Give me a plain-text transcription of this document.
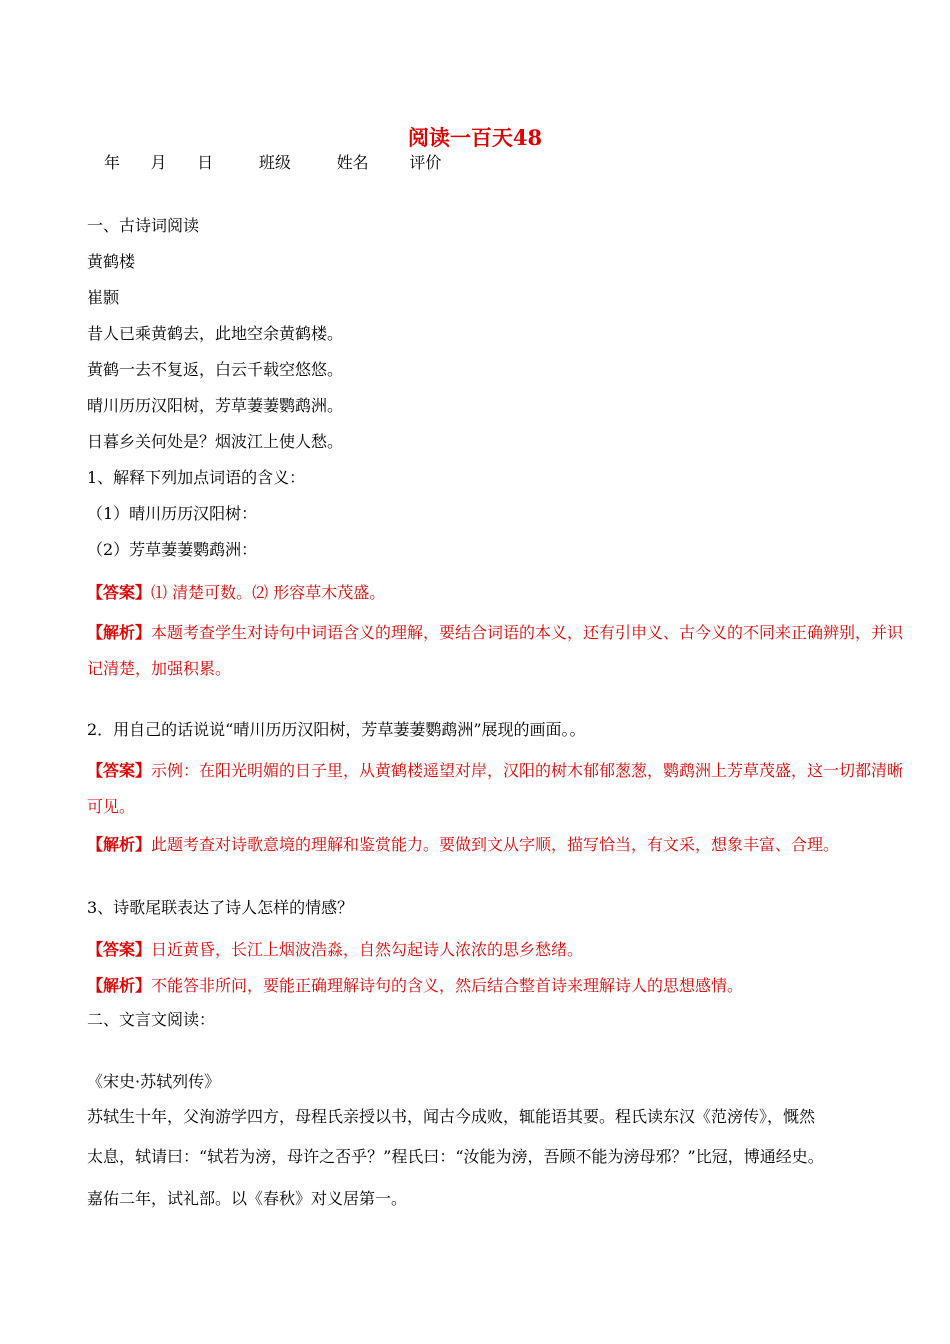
阅读一百天48
年 月 日	班级	姓名	评价
一、古诗词阅读
黄鹤楼
崔颢
昔人已乘黄鹤去，此地空余黄鹤楼。
黄鹤一去不复返，白云千载空悠悠。
晴川历历汉阳树，芳草萋萋鹦鹉洲。
日暮乡关何处是？烟波江上使人愁。
1、解释下列加点词语的含义：
（1）晴川历历汉阳树：
（2）芳草萋萋鹦鹉洲：
【答案】⑴ 清楚可数。⑵ 形容草木茂盛。
【解析】本题考查学生对诗句中词语含义的理解，要结合词语的本义，还有引申义、古今义的不同来正确辨别，并识
记清楚，加强积累。
2．用自己的话说说“晴川历历汉阳树，芳草萋萋鹦鹉洲”展现的画面。。
【答案】示例：在阳光明媚的日子里，从黄鹤楼遥望对岸，汉阳的树木郁郁葱葱，鹦鹉洲上芳草茂盛，这一切都清晰
可见。
【解析】此题考查对诗歌意境的理解和鉴赏能力。要做到文从字顺，描写恰当，有文采，想象丰富、合理。
3、诗歌尾联表达了诗人怎样的情感？
【答案】日近黄昏，长江上烟波浩淼，自然勾起诗人浓浓的思乡愁绪。
【解析】不能答非所问，要能正确理解诗句的含义，然后结合整首诗来理解诗人的思想感情。
二、文言文阅读：
《宋史·苏轼列传》
苏轼生十年，父洵游学四方，母程氏亲授以书，闻古今成败，辄能语其要。程氏读东汉《范滂传》，慨然
太息，轼请曰：“轼若为滂，母许之否乎？”程氏曰：“汝能为滂，吾顾不能为滂母邪？”比冠，博通经史。
嘉佑二年，试礼部。以《春秋》对义居第一。
